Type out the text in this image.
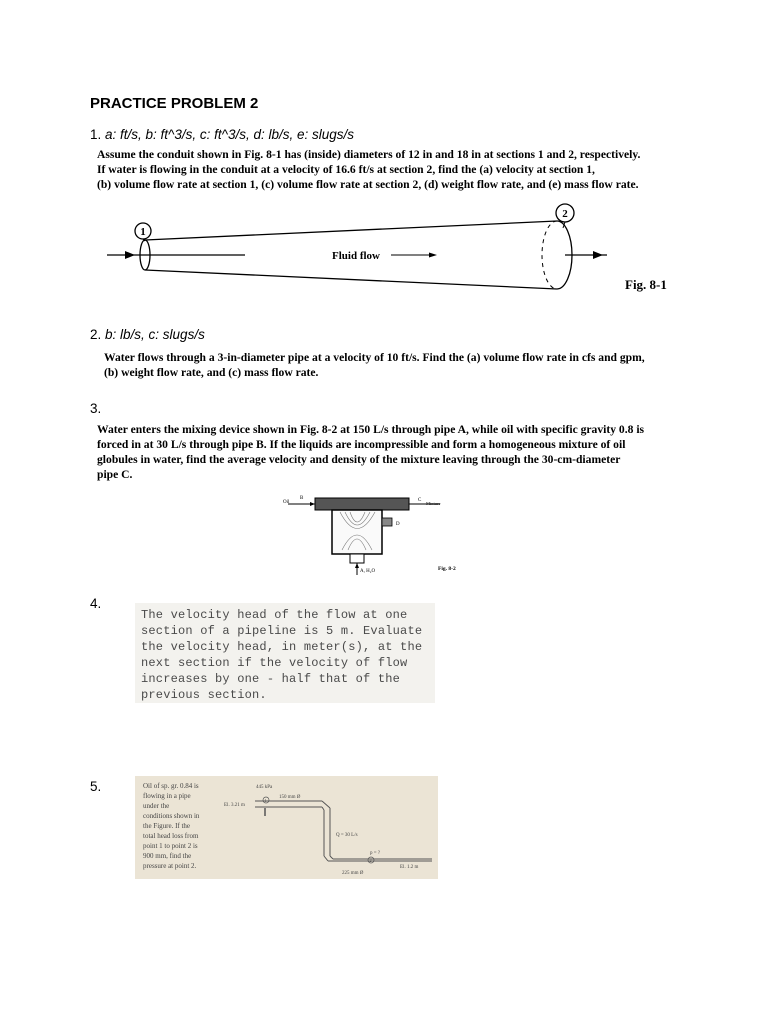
PRACTICE PROBLEM 2
1. a: ft/s, b: ft^3/s, c: ft^3/s, d: lb/s, e: slugs/s
Assume the conduit shown in Fig. 8-1 has (inside) diameters of 12 in and 18 in at sections 1 and 2, respectively.
If water is flowing in the conduit at a velocity of 16.6 ft/s at section 2, find the (a) velocity at section 1,
(b) volume flow rate at section 1, (c) volume flow rate at section 2, (d) weight flow rate, and (e) mass flow rate.
1
2
Fluid flow
Fig. 8-1
2. b: lb/s, c: slugs/s
Water flows through a 3-in-diameter pipe at a velocity of 10 ft/s. Find the (a) volume flow rate in cfs and gpm,
(b) weight flow rate, and (c) mass flow rate.
3.
Water enters the mixing device shown in Fig. 8-2 at 150 L/s through pipe A, while oil with specific gravity 0.8 is
forced in at 30 L/s through pipe B. If the liquids are incompressible and form a homogeneous mixture of oil
globules in water, find the average velocity and density of the mixture leaving through the 30-cm-diameter
pipe C.
Oil
B	C
Mixture
D
A, H₂O	Fig. 8-2
4.
The velocity head of the flow at one
section of a pipeline is 5 m. Evaluate
the velocity head, in meter(s), at the
next section if the velocity of flow
increases by one - half that of the
previous section.
5.	Oil of sp. gr. 0.84 is
flowing in a pipe
under the
conditions shown in
the Figure. If the
total head loss from
point 1 to point 2 is
900 mm, find the
pressure at point 2.
445 kPa
El. 3.21 m
1
150 mm Ø
Q = 30 L/s
p = ?
2
El. 1.2 m
225 mm Ø
